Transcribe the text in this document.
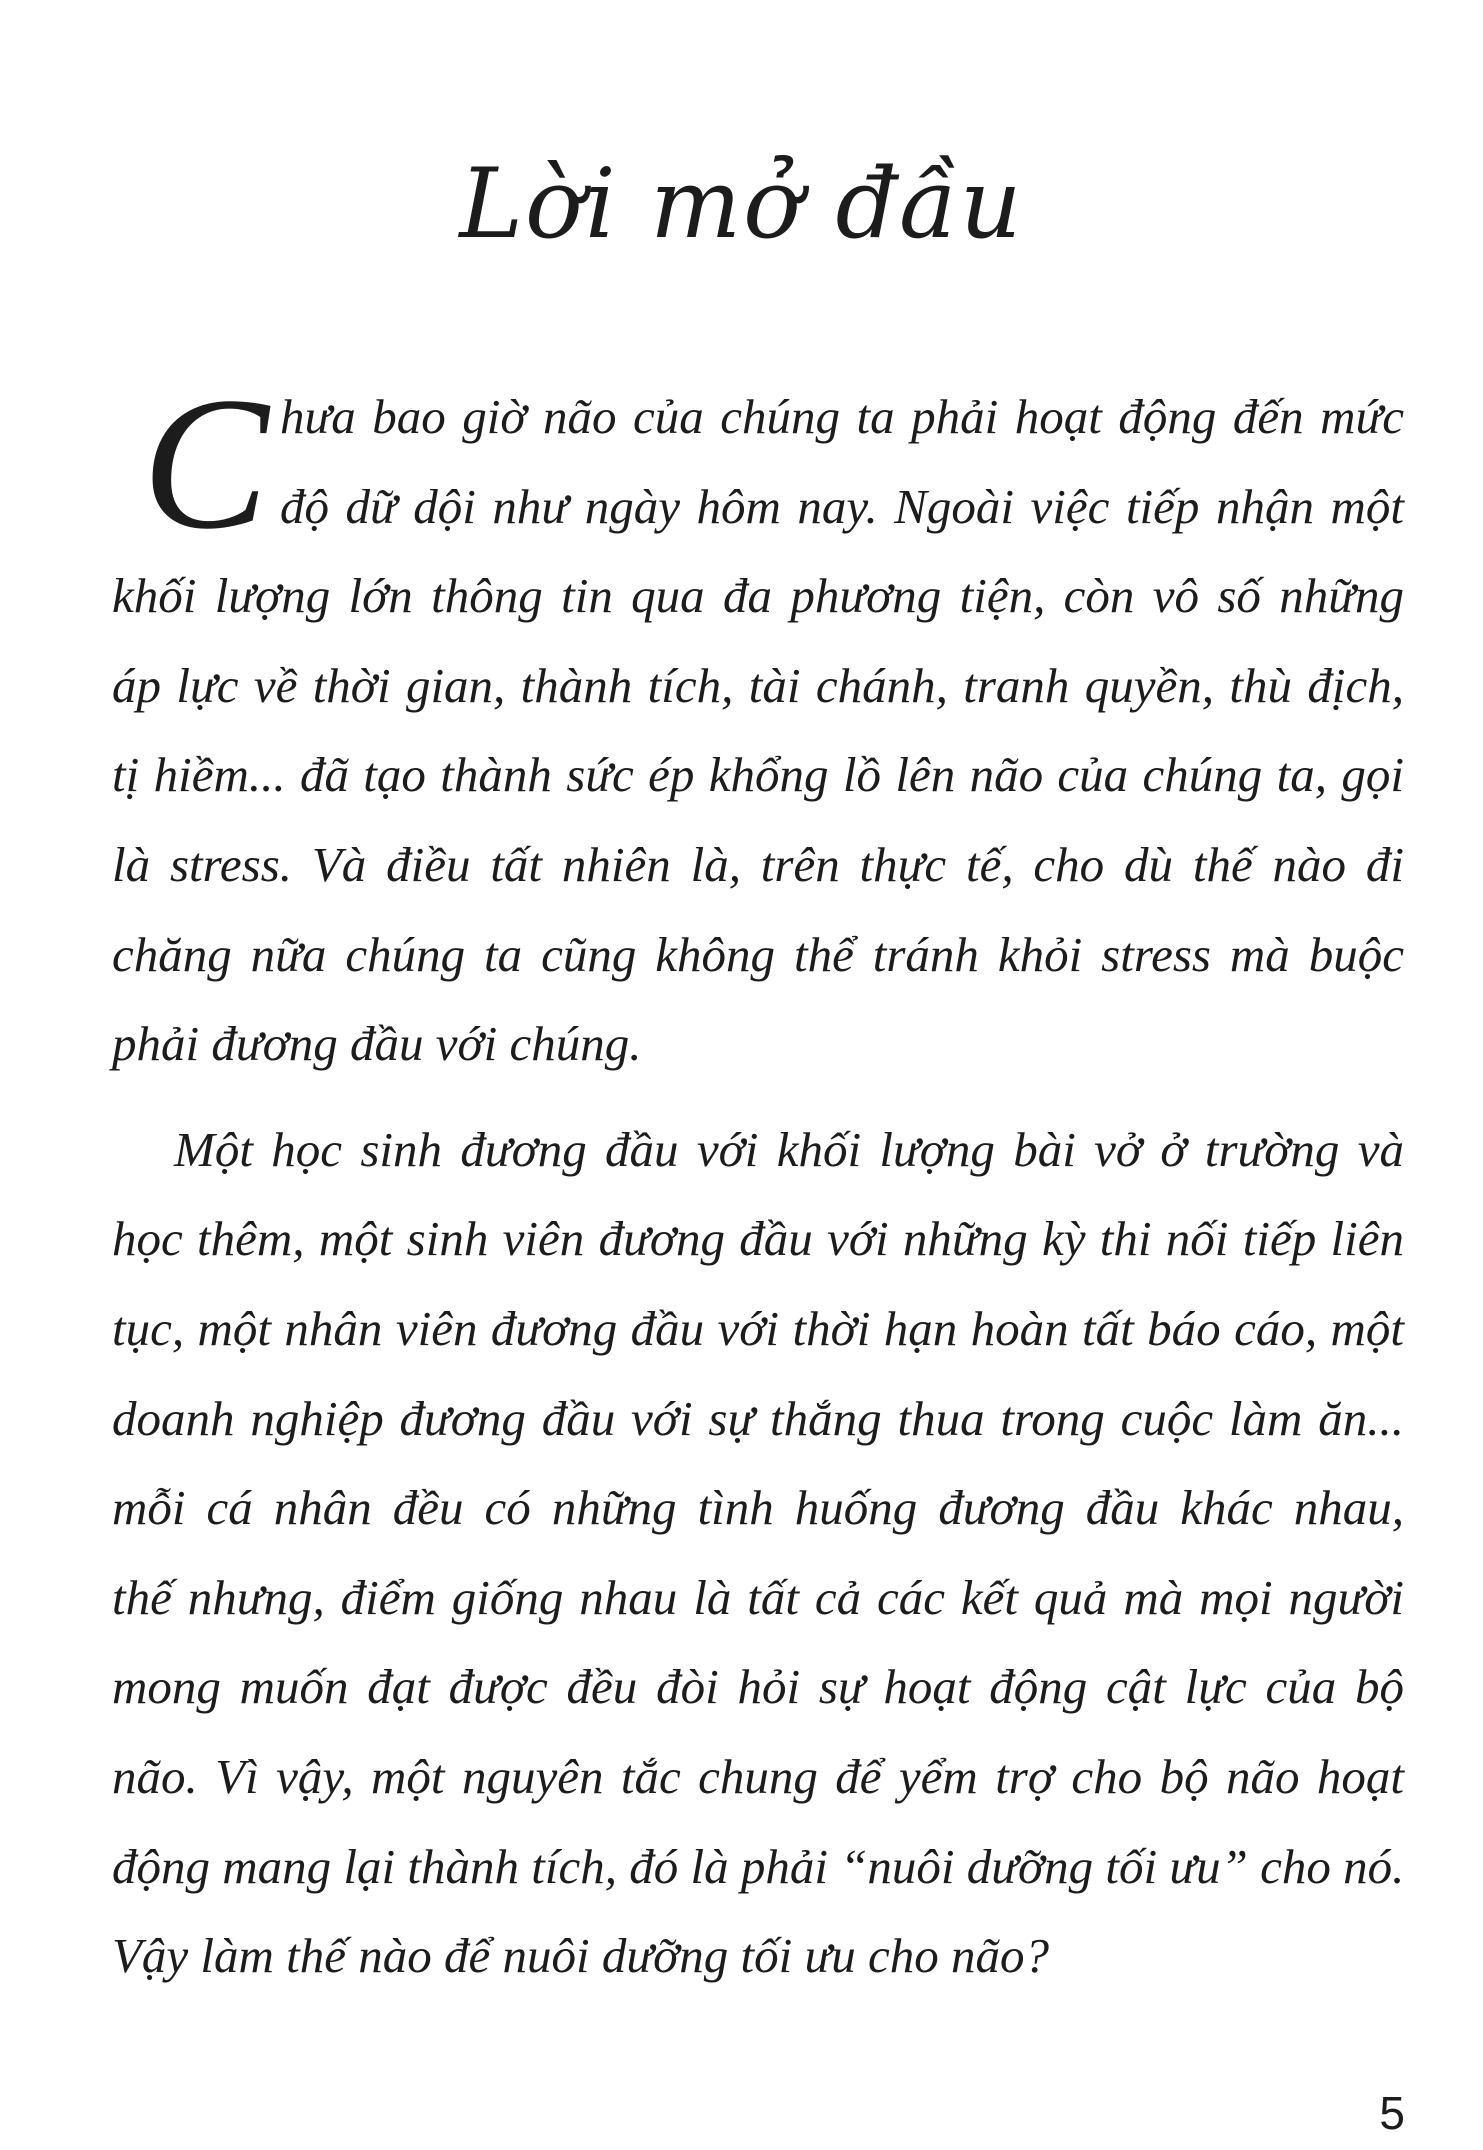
Lời mở đầu
C hưa bao giờ não của chúng ta phải hoạt động đến mức
độ dữ dội như ngày hôm nay. Ngoài việc tiếp nhận một
khối lượng lớn thông tin qua đa phương tiện, còn vô số những
áp lực về thời gian, thành tích, tài chánh, tranh quyền, thù địch,
tị hiềm... đã tạo thành sức ép khổng lồ lên não của chúng ta, gọi
là stress. Và điều tất nhiên là, trên thực tế, cho dù thế nào đi
chăng nữa chúng ta cũng không thể tránh khỏi stress mà buộc
phải đương đầu với chúng.
Một học sinh đương đầu với khối lượng bài vở ở trường và
học thêm, một sinh viên đương đầu với những kỳ thi nối tiếp liên
tục, một nhân viên đương đầu với thời hạn hoàn tất báo cáo, một
doanh nghiệp đương đầu với sự thắng thua trong cuộc làm ăn...
mỗi cá nhân đều có những tình huống đương đầu khác nhau,
thế nhưng, điểm giống nhau là tất cả các kết quả mà mọi người
mong muốn đạt được đều đòi hỏi sự hoạt động cật lực của bộ
não. Vì vậy, một nguyên tắc chung để yểm trợ cho bộ não hoạt
động mang lại thành tích, đó là phải “nuôi dưỡng tối ưu” cho nó.
Vậy làm thế nào để nuôi dưỡng tối ưu cho não?
5
